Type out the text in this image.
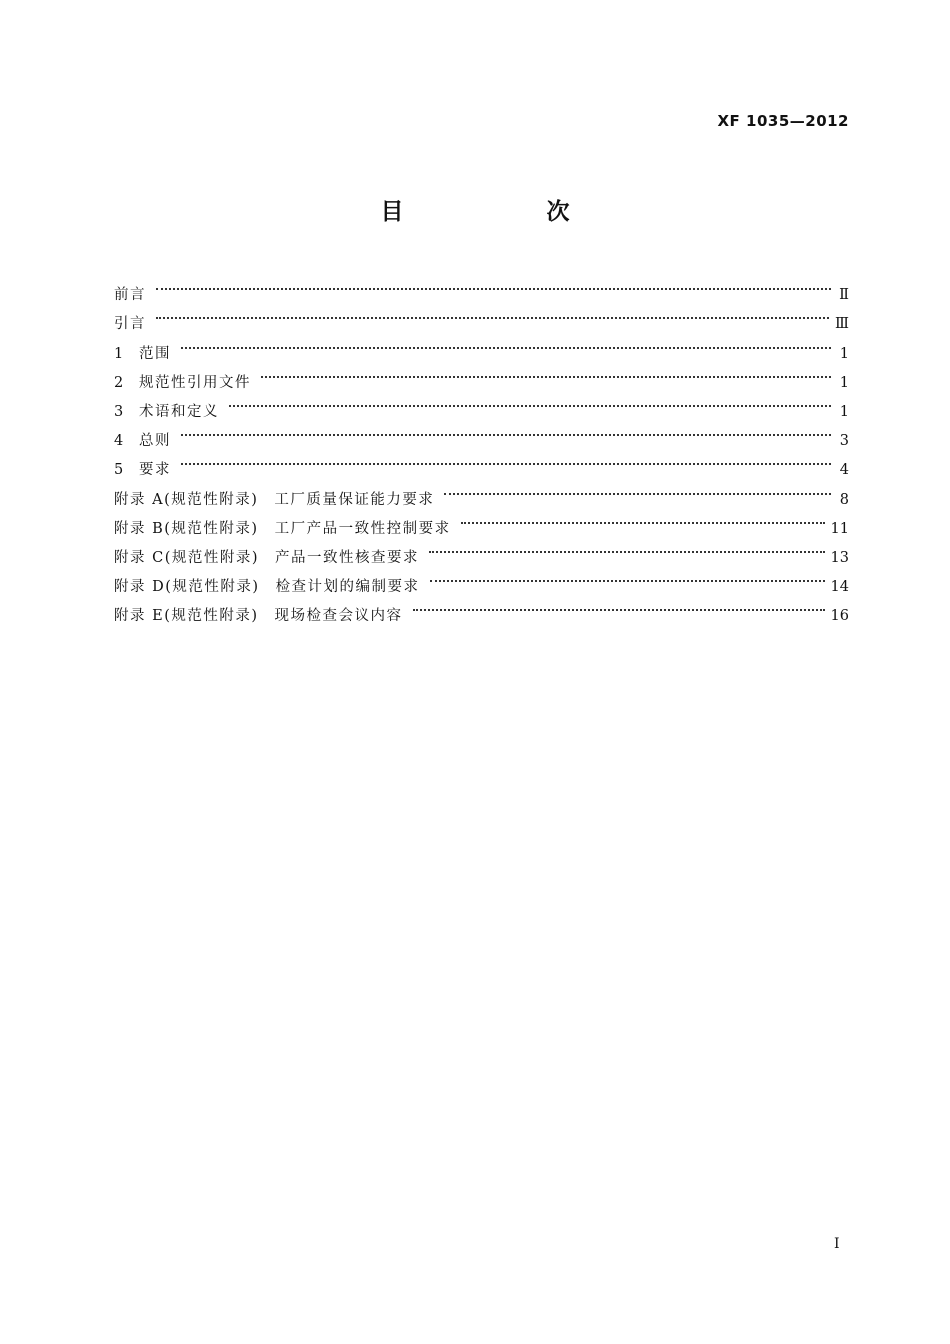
XF 1035—2012
目　次
前言	Ⅱ
引言	Ⅲ
1 范围	1
2 规范性引用文件	1
3 术语和定义	1
4 总则	3
5 要求	4
附录 A(规范性附录) 工厂质量保证能力要求	8
附录 B(规范性附录) 工厂产品一致性控制要求	11
附录 C(规范性附录) 产品一致性核查要求	13
附录 D(规范性附录) 检查计划的编制要求	14
附录 E(规范性附录) 现场检查会议内容	16
I
